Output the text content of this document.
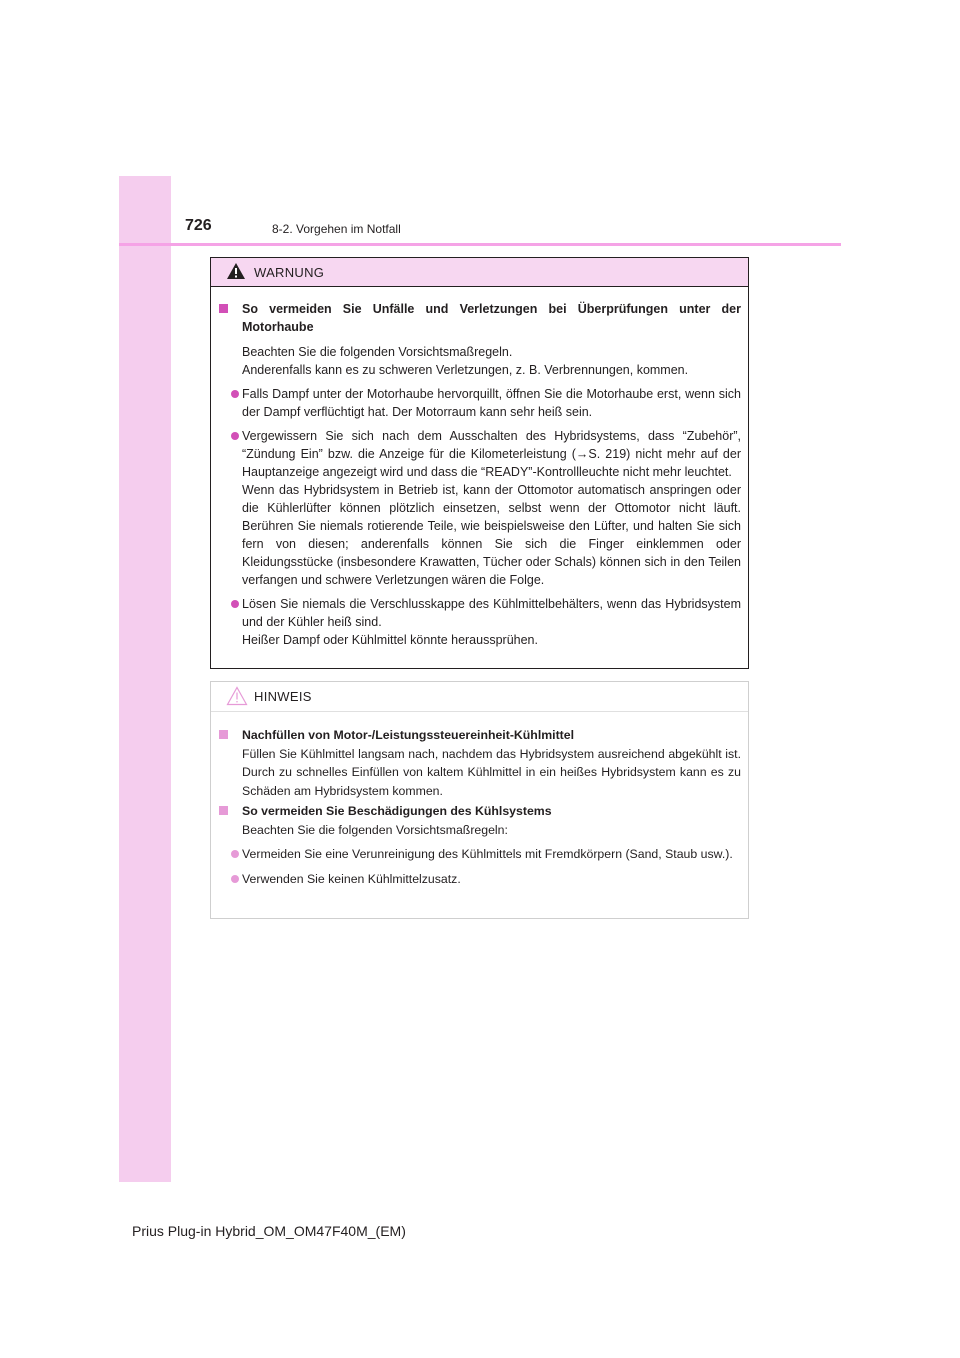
726	8-2. Vorgehen im Notfall
WARNUNG
So vermeiden Sie Unfälle und Verletzungen bei Überprüfungen unter der Motorhaube
Beachten Sie die folgenden Vorsichtsmaßregeln.
Anderenfalls kann es zu schweren Verletzungen, z. B. Verbrennungen, kommen.
Falls Dampf unter der Motorhaube hervorquillt, öffnen Sie die Motorhaube erst, wenn sich der Dampf verflüchtigt hat. Der Motorraum kann sehr heiß sein.
Vergewissern Sie sich nach dem Ausschalten des Hybridsystems, dass “Zubehör”, “Zündung Ein” bzw. die Anzeige für die Kilometerleistung (→S. 219) nicht mehr auf der Hauptanzeige angezeigt wird und dass die “READY”-Kontrollleuchte nicht mehr leuchtet.
Wenn das Hybridsystem in Betrieb ist, kann der Ottomotor automatisch anspringen oder die Kühlerlüfter können plötzlich einsetzen, selbst wenn der Ottomotor nicht läuft. Berühren Sie niemals rotierende Teile, wie beispielsweise den Lüfter, und halten Sie sich fern von diesen; anderenfalls können Sie sich die Finger einklemmen oder Kleidungsstücke (insbesondere Krawatten, Tücher oder Schals) können sich in den Teilen verfangen und schwere Verletzungen wären die Folge.
Lösen Sie niemals die Verschlusskappe des Kühlmittelbehälters, wenn das Hybridsystem und der Kühler heiß sind.
Heißer Dampf oder Kühlmittel könnte heraussprühen.
HINWEIS
Nachfüllen von Motor-/Leistungssteuereinheit-Kühlmittel
Füllen Sie Kühlmittel langsam nach, nachdem das Hybridsystem ausreichend abgekühlt ist. Durch zu schnelles Einfüllen von kaltem Kühlmittel in ein heißes Hybridsystem kann es zu Schäden am Hybridsystem kommen.
So vermeiden Sie Beschädigungen des Kühlsystems
Beachten Sie die folgenden Vorsichtsmaßregeln:
Vermeiden Sie eine Verunreinigung des Kühlmittels mit Fremdkörpern (Sand, Staub usw.).
Verwenden Sie keinen Kühlmittelzusatz.
Prius Plug-in Hybrid_OM_OM47F40M_(EM)
